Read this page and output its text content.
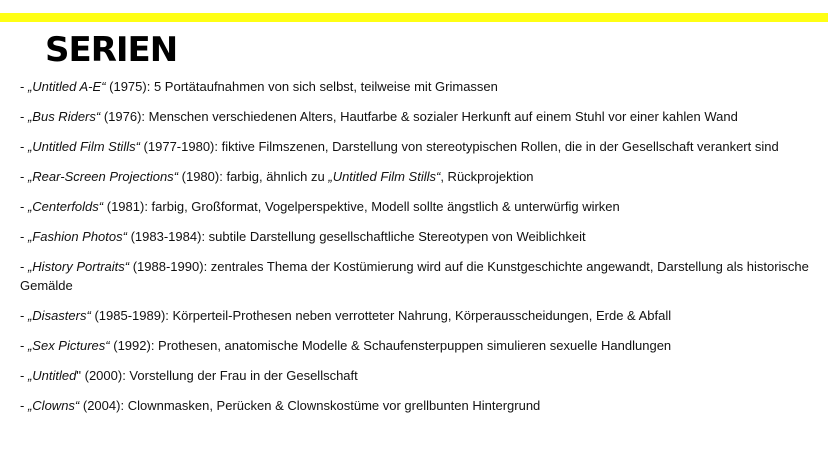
SERIEN
- „Untitled A-E“ (1975): 5 Portätaufnahmen von sich selbst, teilweise mit Grimassen
- „Bus Riders“ (1976): Menschen verschiedenen Alters, Hautfarbe & sozialer Herkunft auf einem Stuhl vor einer kahlen Wand
- „Untitled Film Stills“ (1977-1980): fiktive Filmszenen, Darstellung von stereotypischen Rollen, die in der Gesellschaft verankert sind
- „Rear-Screen Projections“ (1980): farbig, ähnlich zu „Untitled Film Stills“, Rückprojektion
- „Centerfolds“ (1981): farbig, Großformat, Vogelperspektive, Modell sollte ängstlich & unterwürfig wirken
- „Fashion Photos“ (1983-1984): subtile Darstellung gesellschaftliche Stereotypen von Weiblichkeit
- „History Portraits“ (1988-1990): zentrales Thema der Kostümierung wird auf die Kunstgeschichte angewandt, Darstellung als historische Gemälde
- „Disasters“ (1985-1989): Körperteil-Prothesen neben verrotteter Nahrung, Körperausscheidungen, Erde & Abfall
- „Sex Pictures“ (1992): Prothesen, anatomische Modelle & Schaufensterpuppen simulieren sexuelle Handlungen
- „Untitled" (2000): Vorstellung der Frau in der Gesellschaft
- „Clowns“ (2004): Clownmasken, Perücken & Clownskostüme vor grellbunten Hintergrund
